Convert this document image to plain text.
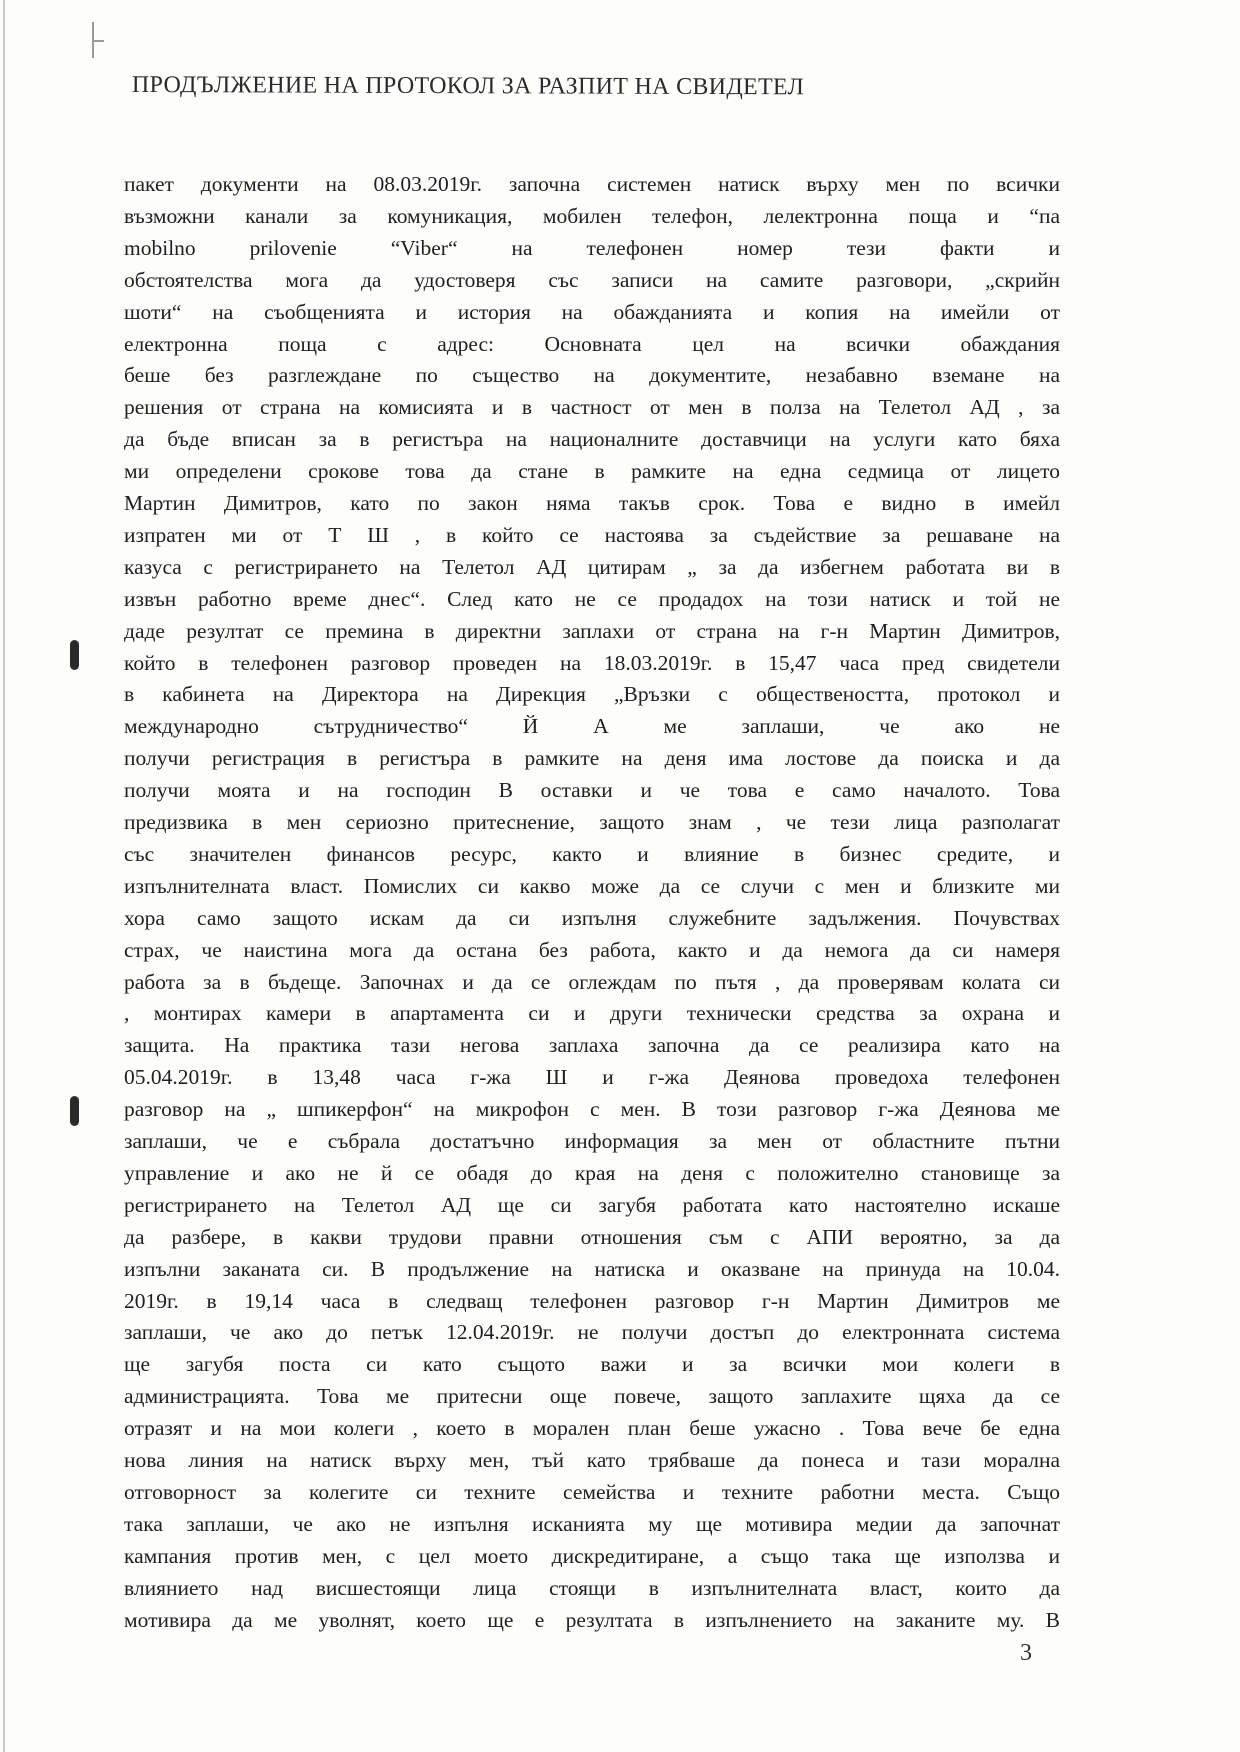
ПРОДЪЛЖЕНИЕ НА ПРОТОКОЛ ЗА РАЗПИТ НА СВИДЕТЕЛ
пакет документи на 08.03.2019г. започна системен натиск върху мен по всички
възможни канали за комуникация, мобилен телефон, лелектронна поща и “па
mobilno prilovenie “Viber“ на телефонен номер тези факти и
обстоятелства мога да удостоверя със записи на самите разговори, „скрийн
шоти“ на съобщенията и история на обажданията и копия на имейли от
електронна поща с адрес: Основната цел на всички обаждания
беше без разглеждане по същество на документите, незабавно вземане на
решения от страна на комисията и в частност от мен в полза на Телетол АД , за
да бъде вписан за в регистъра на националните доставчици на услуги като бяха
ми определени срокове това да стане в рамките на една седмица от лицето
Мартин Димитров, като по закон няма такъв срок. Това е видно в имейл
изпратен ми от Т Ш , в който се настоява за съдействие за решаване на
казуса с регистрирането на Телетол АД цитирам „ за да избегнем работата ви в
извън работно време днес“. След като не се продадох на този натиск и той не
даде резултат се премина в директни заплахи от страна на г-н Мартин Димитров,
който в телефонен разговор проведен на 18.03.2019г. в 15,47 часа пред свидетели
в кабинета на Директора на Дирекция „Връзки с обществеността, протокол и
международно сътрудничество“ Й А ме заплаши, че ако не
получи регистрация в регистъра в рамките на деня има лостове да поиска и да
получи моята и на господин В оставки и че това е само началото. Това
предизвика в мен сериозно притеснение, защото знам , че тези лица разполагат
със значителен финансов ресурс, както и влияние в бизнес средите, и
изпълнителната власт. Помислих си какво може да се случи с мен и близките ми
хора само защото искам да си изпълня служебните задължения. Почувствах
страх, че наистина мога да остана без работа, както и да немога да си намеря
работа за в бъдеще. Започнах и да се оглеждам по пътя , да проверявам колата си
, монтирах камери в апартамента си и други технически средства за охрана и
защита. На практика тази негова заплаха започна да се реализира като на
05.04.2019г. в 13,48 часа г-жа Ш и г-жа Деянова проведоха телефонен
разговор на „ шпикерфон“ на микрофон с мен. В този разговор г-жа Деянова ме
заплаши, че е събрала достатъчно информация за мен от областните пътни
управление и ако не й се обадя до края на деня с положително становище за
регистрирането на Телетол АД ще си загубя работата като настоятелно искаше
да разбере, в какви трудови правни отношения съм с АПИ вероятно, за да
изпълни заканата си. В продължение на натиска и оказване на принуда на 10.04.
2019г. в 19,14 часа в следващ телефонен разговор г-н Мартин Димитров ме
заплаши, че ако до петък 12.04.2019г. не получи достъп до електронната система
ще загубя поста си като същото важи и за всички мои колеги в
администрацията. Това ме притесни още повече, защото заплахите щяха да се
отразят и на мои колеги , което в морален план беше ужасно . Това вече бе една
нова линия на натиск върху мен, тъй като трябваше да понеса и тази морална
отговорност за колегите си техните семейства и техните работни места. Също
така заплаши, че ако не изпълня исканията му ще мотивира медии да започнат
кампания против мен, с цел моето дискредитиране, а също така ще използва и
влиянието над висшестоящи лица стоящи в изпълнителната власт, които да
мотивира да ме уволнят, което ще е резултата в изпълнението на заканите му. В
3
